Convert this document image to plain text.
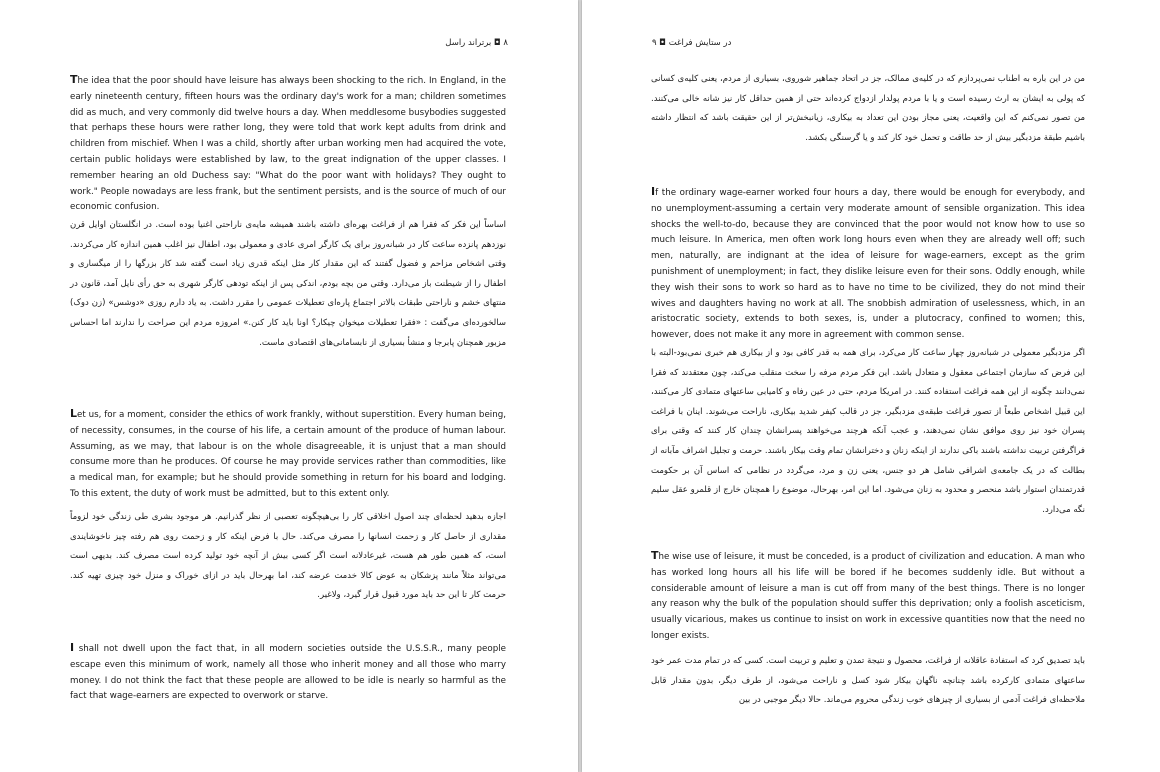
۸ ◘ برتراند راسل

The idea that the poor should have leisure has always been shocking to the rich. In England, in the early nineteenth century, fifteen hours was the ordinary day's work for a man; children sometimes did as much, and very commonly did twelve hours a day. When meddlesome busybodies suggested that perhaps these hours were rather long, they were told that work kept adults from drink and children from mischief. When I was a child, shortly after urban working men had acquired the vote, certain public holidays were established by law, to the great indignation of the upper classes. I remember hearing an old Duchess say: "What do the poor want with holidays? They ought to work." People nowadays are less frank, but the sentiment persists, and is the source of much of our economic confusion.

اساساً این فکر که فقرا هم از فراغت بهره‌ای داشته باشند همیشه مایه‌ی ناراحتی اغنیا بوده است. در انگلستان اوایل قرن نوزدهم پانزده ساعت کار در شبانه‌روز برای یک کارگر امری عادی و معمولی بود، اطفال نیز اغلب همین اندازه کار می‌کردند. وقتی اشخاص مزاحم و فضول گفتند که این مقدار کار مثل اینکه قدری زیاد است گفته شد کار بزرگها را از میگساری و اطفال را از شیطنت باز می‌دارد. وقتی من بچه بودم، اندکی پس از اینکه تودهی کارگر شهری به حق رأی نایل آمد، قانون در منتهای خشم و ناراحتی طبقات بالاتر اجتماع پاره‌ای تعطیلات عمومی را مقرر داشت. به یاد دارم روزی «دوشس» (زن دوک) سالخورده‌ای می‌گفت : «فقرا تعطیلات میخوان چیکار؟ اونا باید کار کنن.» امروزه مردم این صراحت را ندارند اما احساس مزبور همچنان پابرجا و منشأ بسیاری از نابسامانی‌های اقتصادی ماست.

Let us, for a moment, consider the ethics of work frankly, without superstition. Every human being, of necessity, consumes, in the course of his life, a certain amount of the produce of human labour. Assuming, as we may, that labour is on the whole disagreeable, it is unjust that a man should consume more than he produces. Of course he may provide services rather than commodities, like a medical man, for example; but he should provide something in return for his board and lodging. To this extent, the duty of work must be admitted, but to this extent only.

اجازه بدهید لحظه‌ای چند اصول اخلاقی کار را بی‌هیچگونه تعصبی از نظر گذرانیم. هر موجود بشری طی زندگی خود لزوماً مقداری از حاصل کار و زحمت انسانها را مصرف می‌کند. حال با فرض اینکه کار و زحمت روی هم رفته چیز ناخوشایندی است، که همین طور هم هست، غیرعادلانه است اگر کسی بیش از آنچه خود تولید کرده است مصرف کند. بدیهی است می‌تواند مثلاً مانند پزشکان به عوض کالا خدمت عرضه کند، اما بهرحال باید در ازای خوراک و منزل خود چیزی تهیه کند. حرمت کار تا این حد باید مورد قبول قرار گیرد، ولاغیر.

I shall not dwell upon the fact that, in all modern societies outside the U.S.S.R., many people escape even this minimum of work, namely all those who inherit money and all those who marry money. I do not think the fact that these people are allowed to be idle is nearly so harmful as the fact that wage-earners are expected to overwork or starve.

در ستایش فراغت ◘ ۹

من در این باره به اطناب نمی‌پردازم که در کلیه‌ی ممالک، جز در اتحاد جماهیر شوروی، بسیاری از مردم، یعنی کلیه‌ی کسانی که پولی به ایشان به ارث رسیده است و یا با مردم پولدار ازدواج کرده‌اند حتی از همین حداقل کار نیز شانه خالی می‌کنند. من تصور نمی‌کنم که این واقعیت، یعنی مجاز بودن این تعداد به بیکاری، زیانبخش‌تر از این حقیقت باشد که انتظار داشته باشیم طبقة مزدبگیر بیش از حد طاقت و تحمل خود کار کند و یا گرسنگی بکشد.

If the ordinary wage-earner worked four hours a day, there would be enough for everybody, and no unemployment-assuming a certain very moderate amount of sensible organization. This idea shocks the well-to-do, because they are convinced that the poor would not know how to use so much leisure. In America, men often work long hours even when they are already well off; such men, naturally, are indignant at the idea of leisure for wage-earners, except as the grim punishment of unemployment; in fact, they dislike leisure even for their sons. Oddly enough, while they wish their sons to work so hard as to have no time to be civilized, they do not mind their wives and daughters having no work at all. The snobbish admiration of uselessness, which, in an aristocratic society, extends to both sexes, is, under a plutocracy, confined to women; this, however, does not make it any more in agreement with common sense.

اگر مزدبگیر معمولی در شبانه‌روز چهار ساعت کار می‌کرد، برای همه به قدر کافی بود و از بیکاری هم خبری نمی‌بود-البته با این فرض که سازمان اجتماعی معقول و متعادل باشد. این فکر مردم مرفه را سخت منقلب می‌کند، چون معتقدند که فقرا نمی‌دانند چگونه از این همه فراغت استفاده کنند. در امریکا مردم، حتی در عین رفاه و کامیابی ساعتهای متمادی کار می‌کنند، این قبیل اشخاص طبعاً از تصور فراغت طبقه‌ی مزدبگیر، جز در قالب کیفر شدید بیکاری، ناراحت می‌شوند. اینان با فراغت پسران خود نیز روی موافق نشان نمی‌دهند، و عجب آنکه هرچند می‌خواهند پسرانشان چندان کار کنند که وقتی برای فراگرفتن تربیت نداشته باشند باکی ندارند از اینکه زنان و دخترانشان تمام وقت بیکار باشند. حرمت و تجلیل اشراف مآبانه از بطالت که در یک جامعه‌ی اشرافی شامل هر دو جنس، یعنی زن و مرد، می‌گردد در نظامی که اساس آن بر حکومت قدرتمندان استوار باشد منحصر و محدود به زنان می‌شود. اما این امر، بهرحال، موضوع را همچنان خارج از قلمرو عقل سلیم نگه می‌دارد.

The wise use of leisure, it must be conceded, is a product of civilization and education. A man who has worked long hours all his life will be bored if he becomes suddenly idle. But without a considerable amount of leisure a man is cut off from many of the best things. There is no longer any reason why the bulk of the population should suffer this deprivation; only a foolish asceticism, usually vicarious, makes us continue to insist on work in excessive quantities now that the need no longer exists.

باید تصدیق کرد که استفادة عاقلانه از فراغت، محصول و نتیجة تمدن و تعلیم و تربیت است. کسی که در تمام مدت عمر خود ساعتهای متمادی کارکرده باشد چنانچه ناگهان بیکار شود کسل و ناراحت می‌شود، از طرف دیگر، بدون مقدار قابل ملاحظه‌ای فراغت آدمی از بسیاری از چیزهای خوب زندگی محروم می‌ماند. حالا دیگر موجبی در بین
